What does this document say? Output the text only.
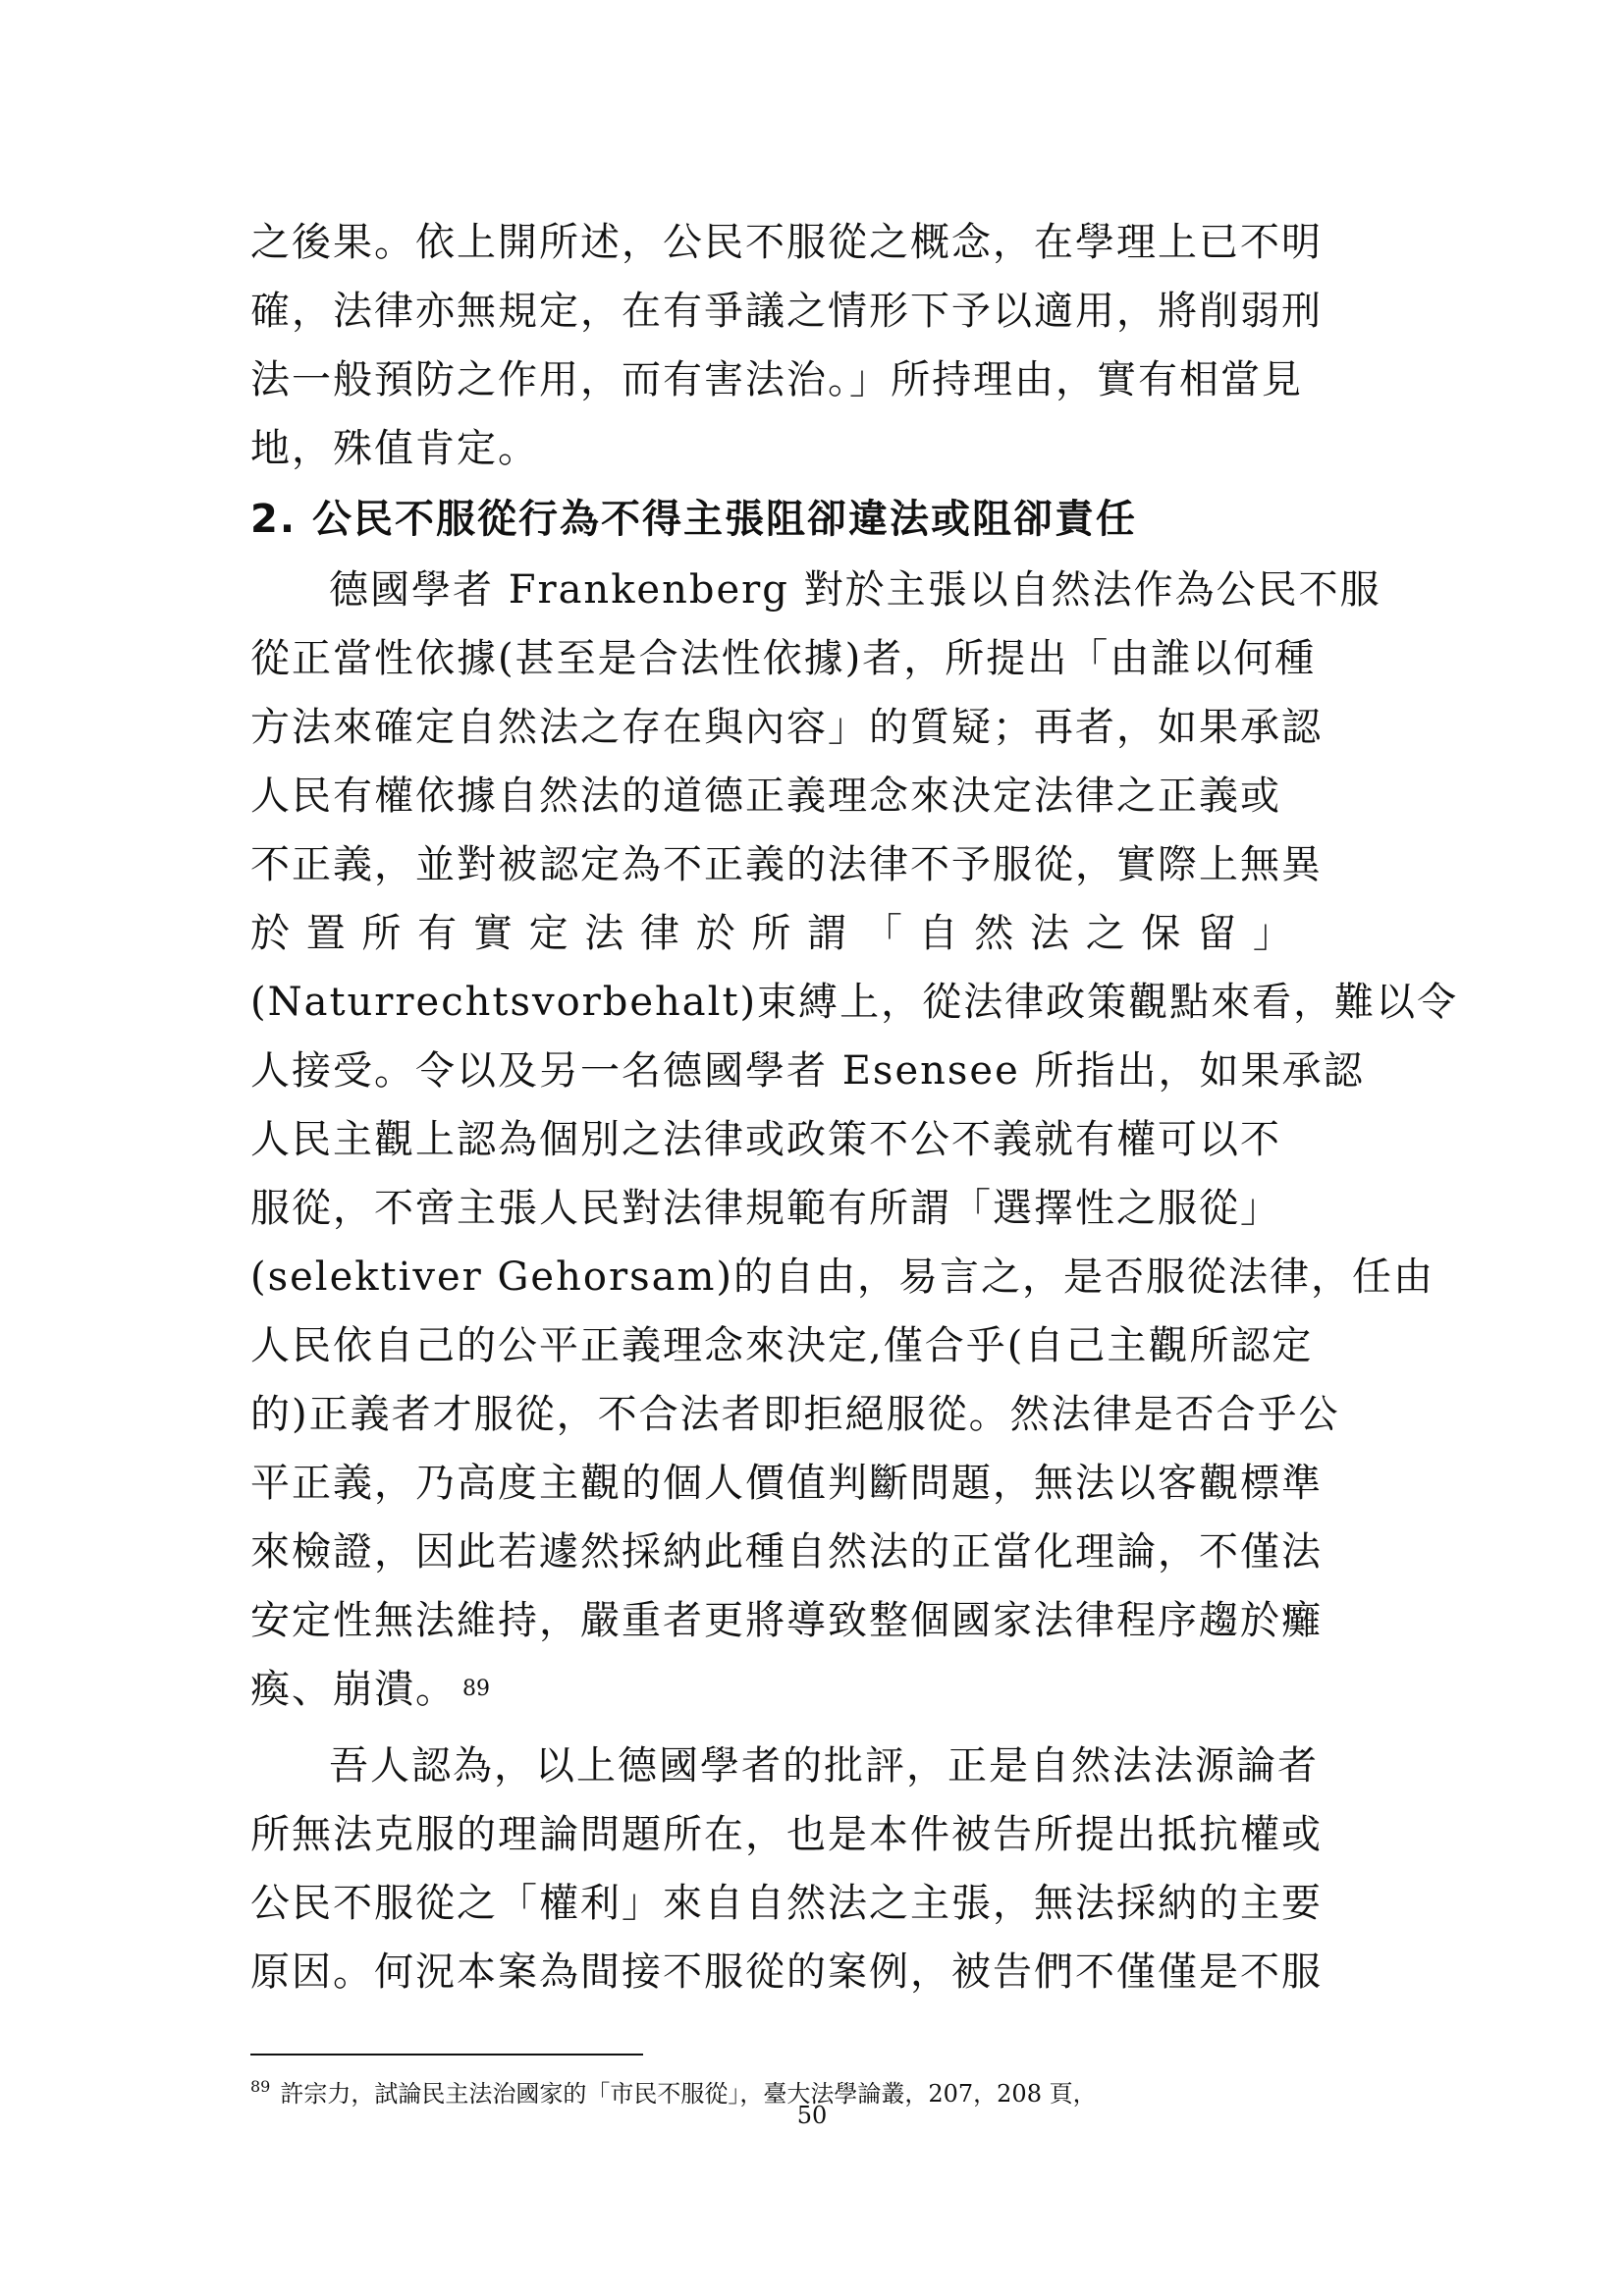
之後果。依上開所述，公民不服從之概念，在學理上已不明
確，法律亦無規定，在有爭議之情形下予以適用，將削弱刑
法一般預防之作用，而有害法治。」所持理由，實有相當見
地，殊值肯定。
2. 公民不服從行為不得主張阻卻違法或阻卻責任
德國學者 Frankenberg 對於主張以自然法作為公民不服
從正當性依據(甚至是合法性依據)者，所提出「由誰以何種
方法來確定自然法之存在與內容」的質疑；再者，如果承認
人民有權依據自然法的道德正義理念來決定法律之正義或
不正義，並對被認定為不正義的法律不予服從，實際上無異
於 置 所 有 實 定 法 律 於 所 謂 「 自 然 法 之 保 留 」
(Naturrechtsvorbehalt)束縛上，從法律政策觀點來看，難以令
人接受。令以及另一名德國學者 Esensee 所指出，如果承認
人民主觀上認為個別之法律或政策不公不義就有權可以不
服從，不啻主張人民對法律規範有所謂「選擇性之服從」
(selektiver Gehorsam)的自由，易言之，是否服從法律，任由
人民依自己的公平正義理念來決定,僅合乎(自己主觀所認定
的)正義者才服從，不合法者即拒絕服從。然法律是否合乎公
平正義，乃高度主觀的個人價值判斷問題，無法以客觀標準
來檢證，因此若遽然採納此種自然法的正當化理論，不僅法
安定性無法維持，嚴重者更將導致整個國家法律程序趨於癱
瘓、崩潰。 89
吾人認為，以上德國學者的批評，正是自然法法源論者
所無法克服的理論問題所在，也是本件被告所提出抵抗權或
公民不服從之「權利」來自自然法之主張，無法採納的主要
原因。何況本案為間接不服從的案例，被告們不僅僅是不服
$^{89}$ 許宗力，試論民主法治國家的「市民不服從」，臺大法學論叢，207，208 頁，
50
